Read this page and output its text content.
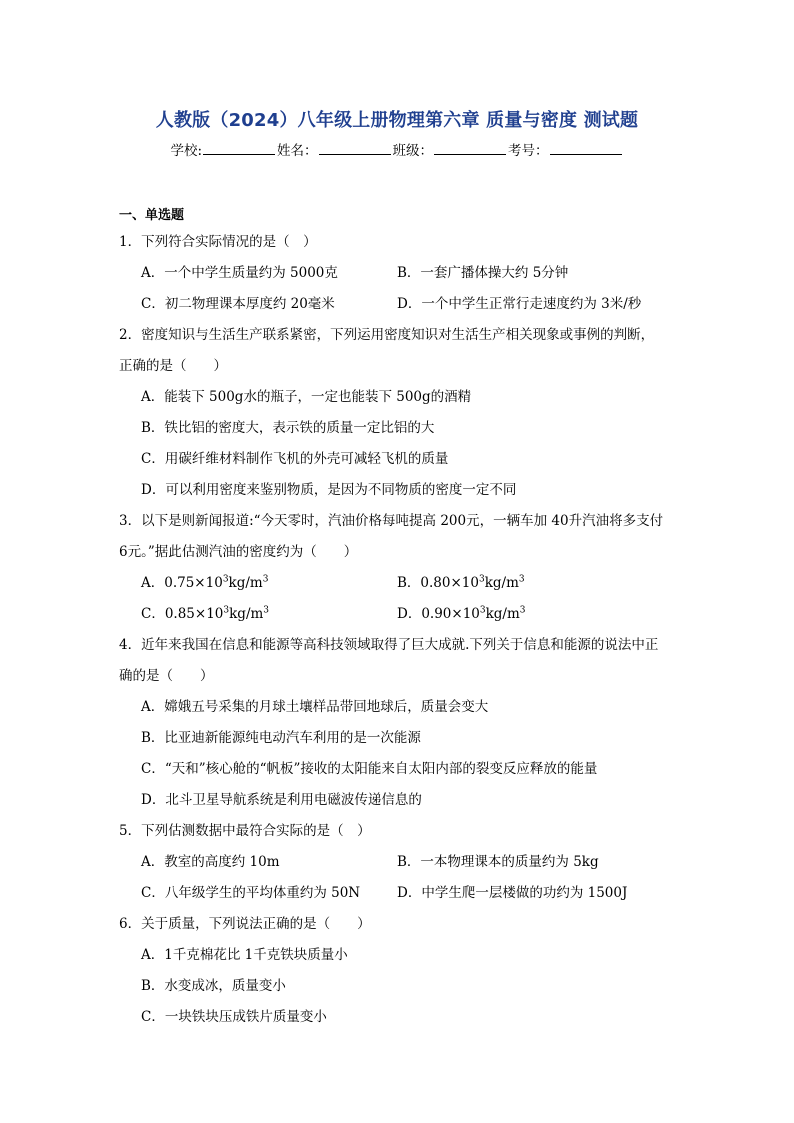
人教版（2024）八年级上册物理第六章 质量与密度 测试题
学校:	姓名：	班级：	考号：
一、单选题
1．下列符合实际情况的是（　）
A．一个中学生质量约为 5000克	B．一套广播体操大约 5分钟
C．初二物理课本厚度约 20毫米	D．一个中学生正常行走速度约为 3米/秒
2．密度知识与生活生产联系紧密，下列运用密度知识对生活生产相关现象或事例的判断，
正确的是（　　）
A．能装下 500g水的瓶子，一定也能装下 500g的酒精
B．铁比铝的密度大，表示铁的质量一定比铝的大
C．用碳纤维材料制作飞机的外壳可减轻飞机的质量
D．可以利用密度来鉴别物质，是因为不同物质的密度一定不同
3．以下是则新闻报道:“今天零时，汽油价格每吨提高 200元，一辆车加 40升汽油将多支付
6元。”据此估测汽油的密度约为（　　）
A．$0.75\times 10^3kg/m^3$	B．$0.80\times 10^3kg/m^3$
C．$0.85\times 10^3kg/m^3$	D．$0.90\times 10^3kg/m^3$
4．近年来我国在信息和能源等高科技领域取得了巨大成就.下列关于信息和能源的说法中正
确的是（　　）
A．嫦娥五号采集的月球土壤样品带回地球后，质量会变大
B．比亚迪新能源纯电动汽车利用的是一次能源
C．“天和”核心舱的“帆板”接收的太阳能来自太阳内部的裂变反应释放的能量
D．北斗卫星导航系统是利用电磁波传递信息的
5．下列估测数据中最符合实际的是（　）
A．教室的高度约 10m	B．一本物理课本的质量约为 5kg
C．八年级学生的平均体重约为 50N	D．中学生爬一层楼做的功约为 1500J
6．关于质量，下列说法正确的是（　　）
A．1千克棉花比 1千克铁块质量小
B．水变成冰，质量变小
C．一块铁块压成铁片质量变小
